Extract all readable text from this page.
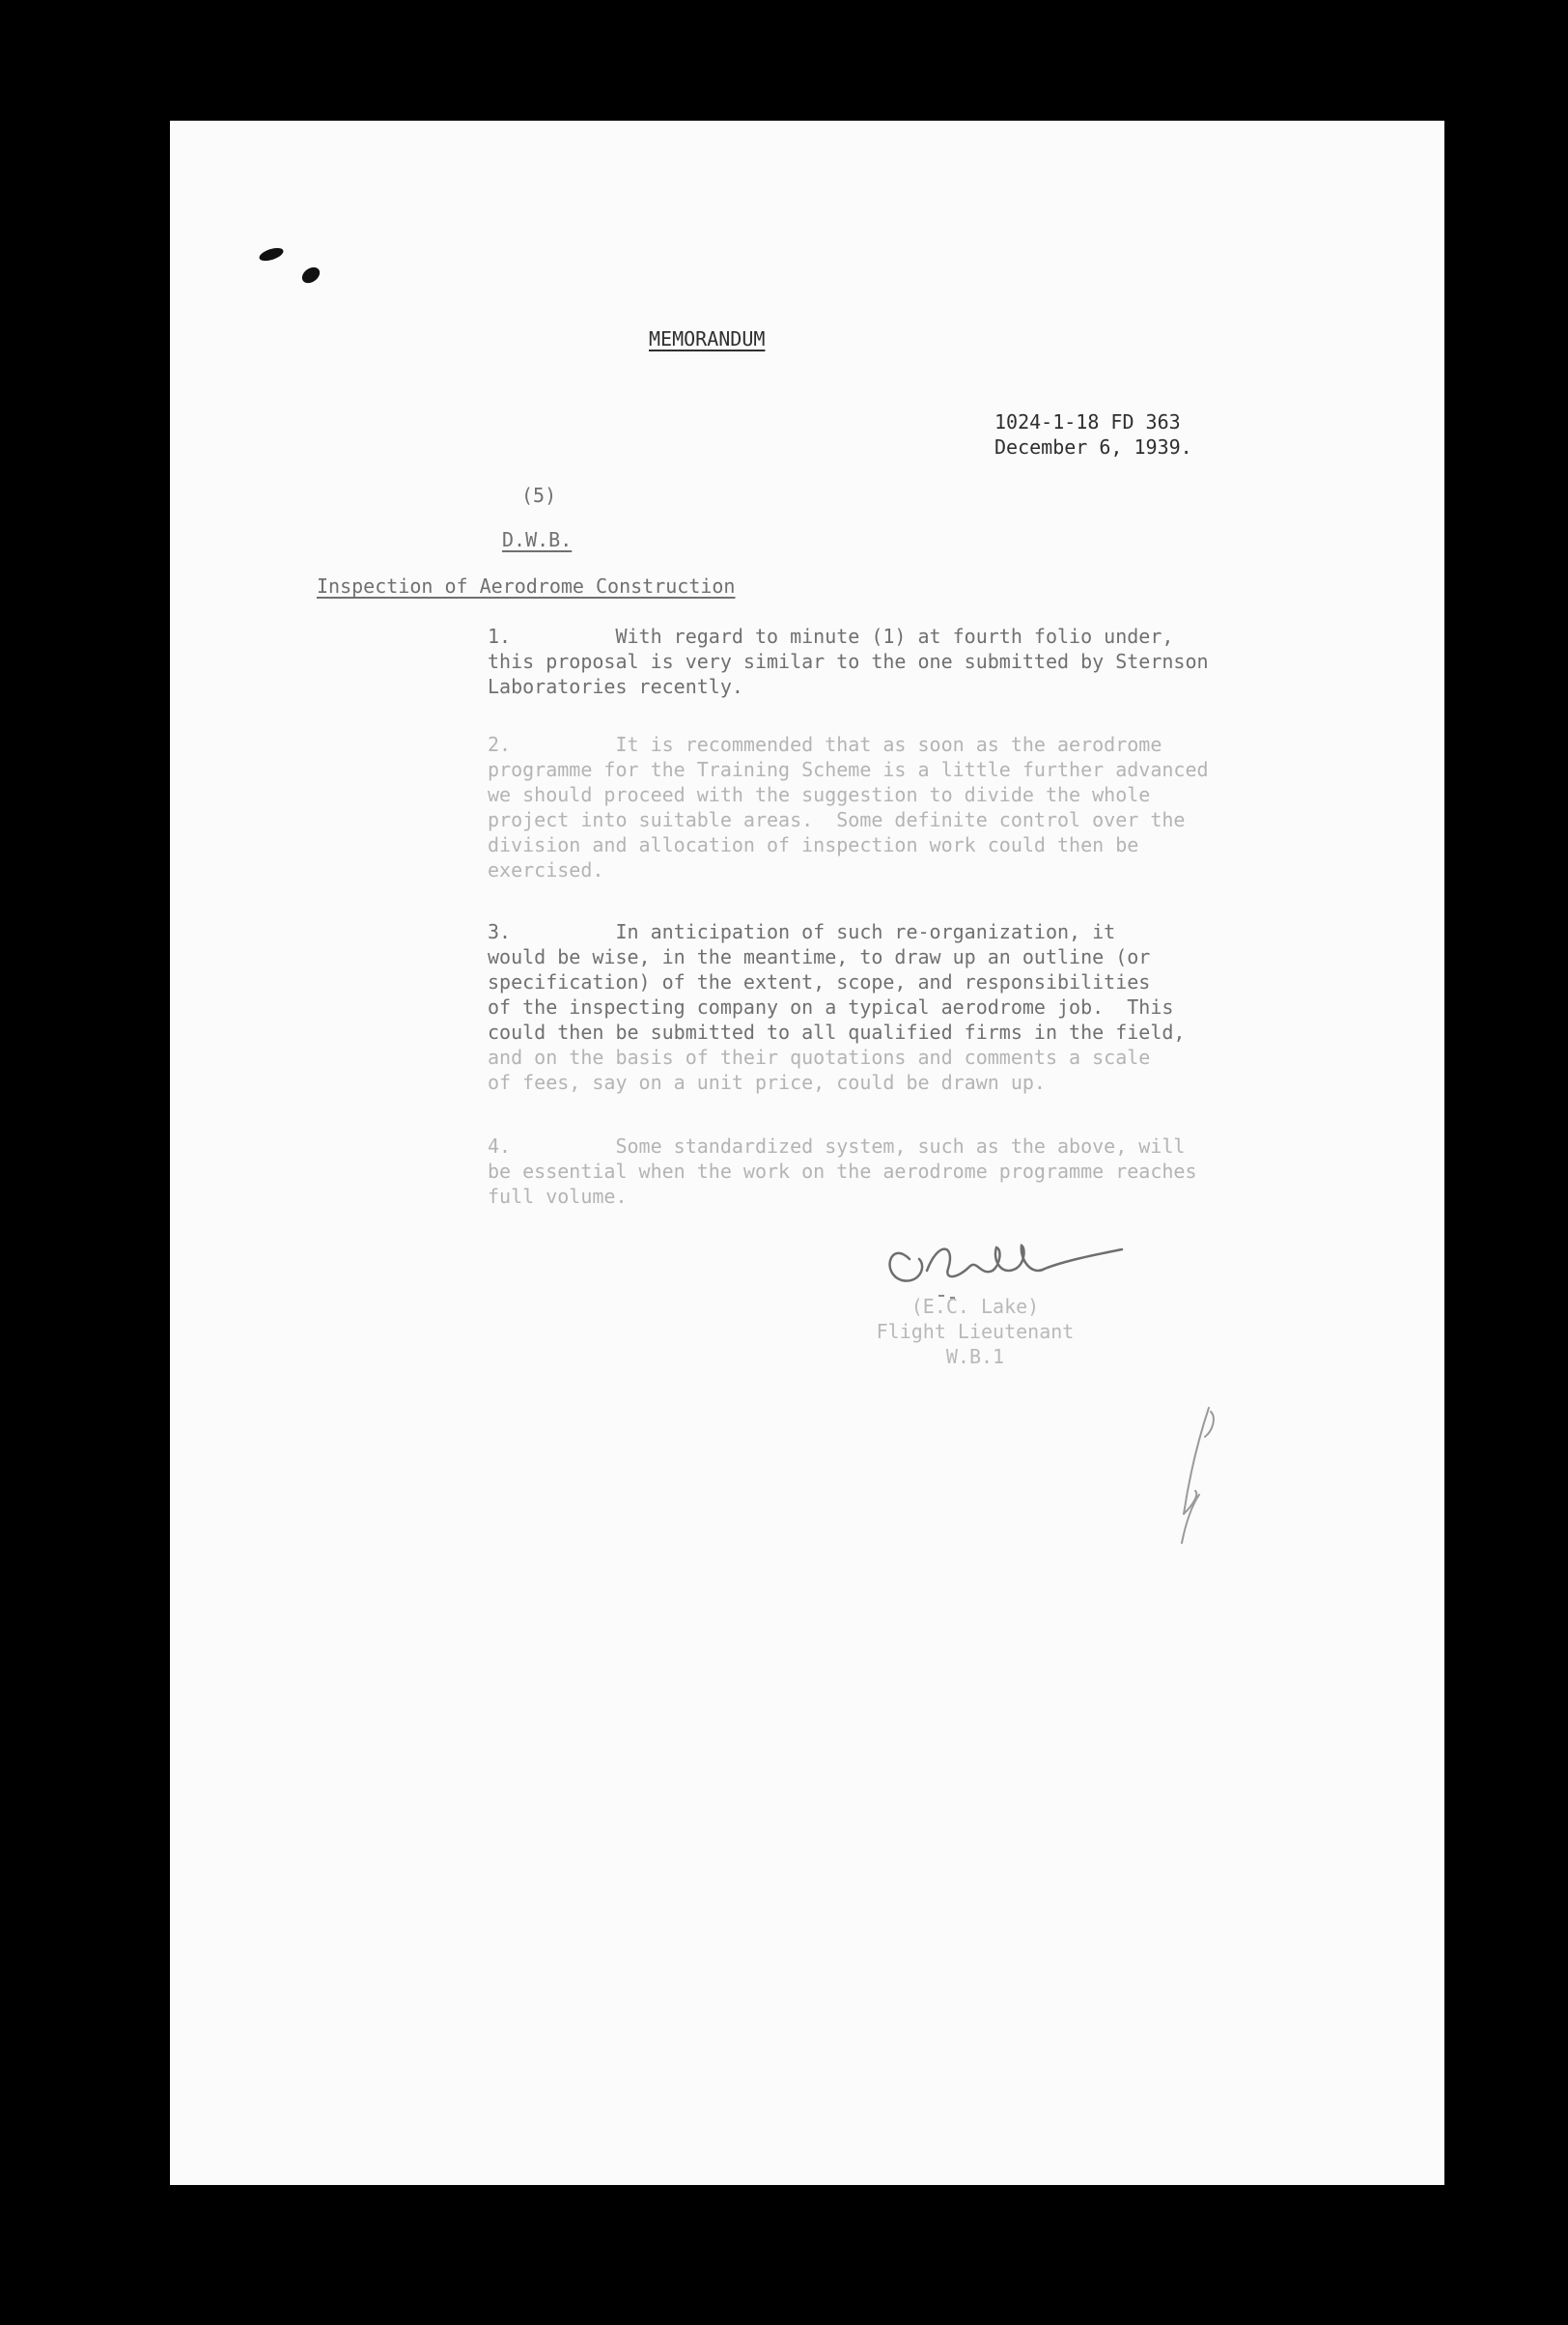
MEMORANDUM
1024-1-18 FD 363
December 6, 1939.
(5)
D.W.B.
Inspection of Aerodrome Construction
1.         With regard to minute (1) at fourth folio under,
this proposal is very similar to the one submitted by Sternson
Laboratories recently.
2.         It is recommended that as soon as the aerodrome
programme for the Training Scheme is a little further advanced
we should proceed with the suggestion to divide the whole
project into suitable areas.  Some definite control over the
division and allocation of inspection work could then be
exercised.
3.         In anticipation of such re-organization, it
would be wise, in the meantime, to draw up an outline (or
specification) of the extent, scope, and responsibilities
of the inspecting company on a typical aerodrome job.  This
could then be submitted to all qualified firms in the field,
and on the basis of their quotations and comments a scale
of fees, say on a unit price, could be drawn up.
4.         Some standardized system, such as the above, will
be essential when the work on the aerodrome programme reaches
full volume.
(E.C. Lake)
Flight Lieutenant
W.B.1
